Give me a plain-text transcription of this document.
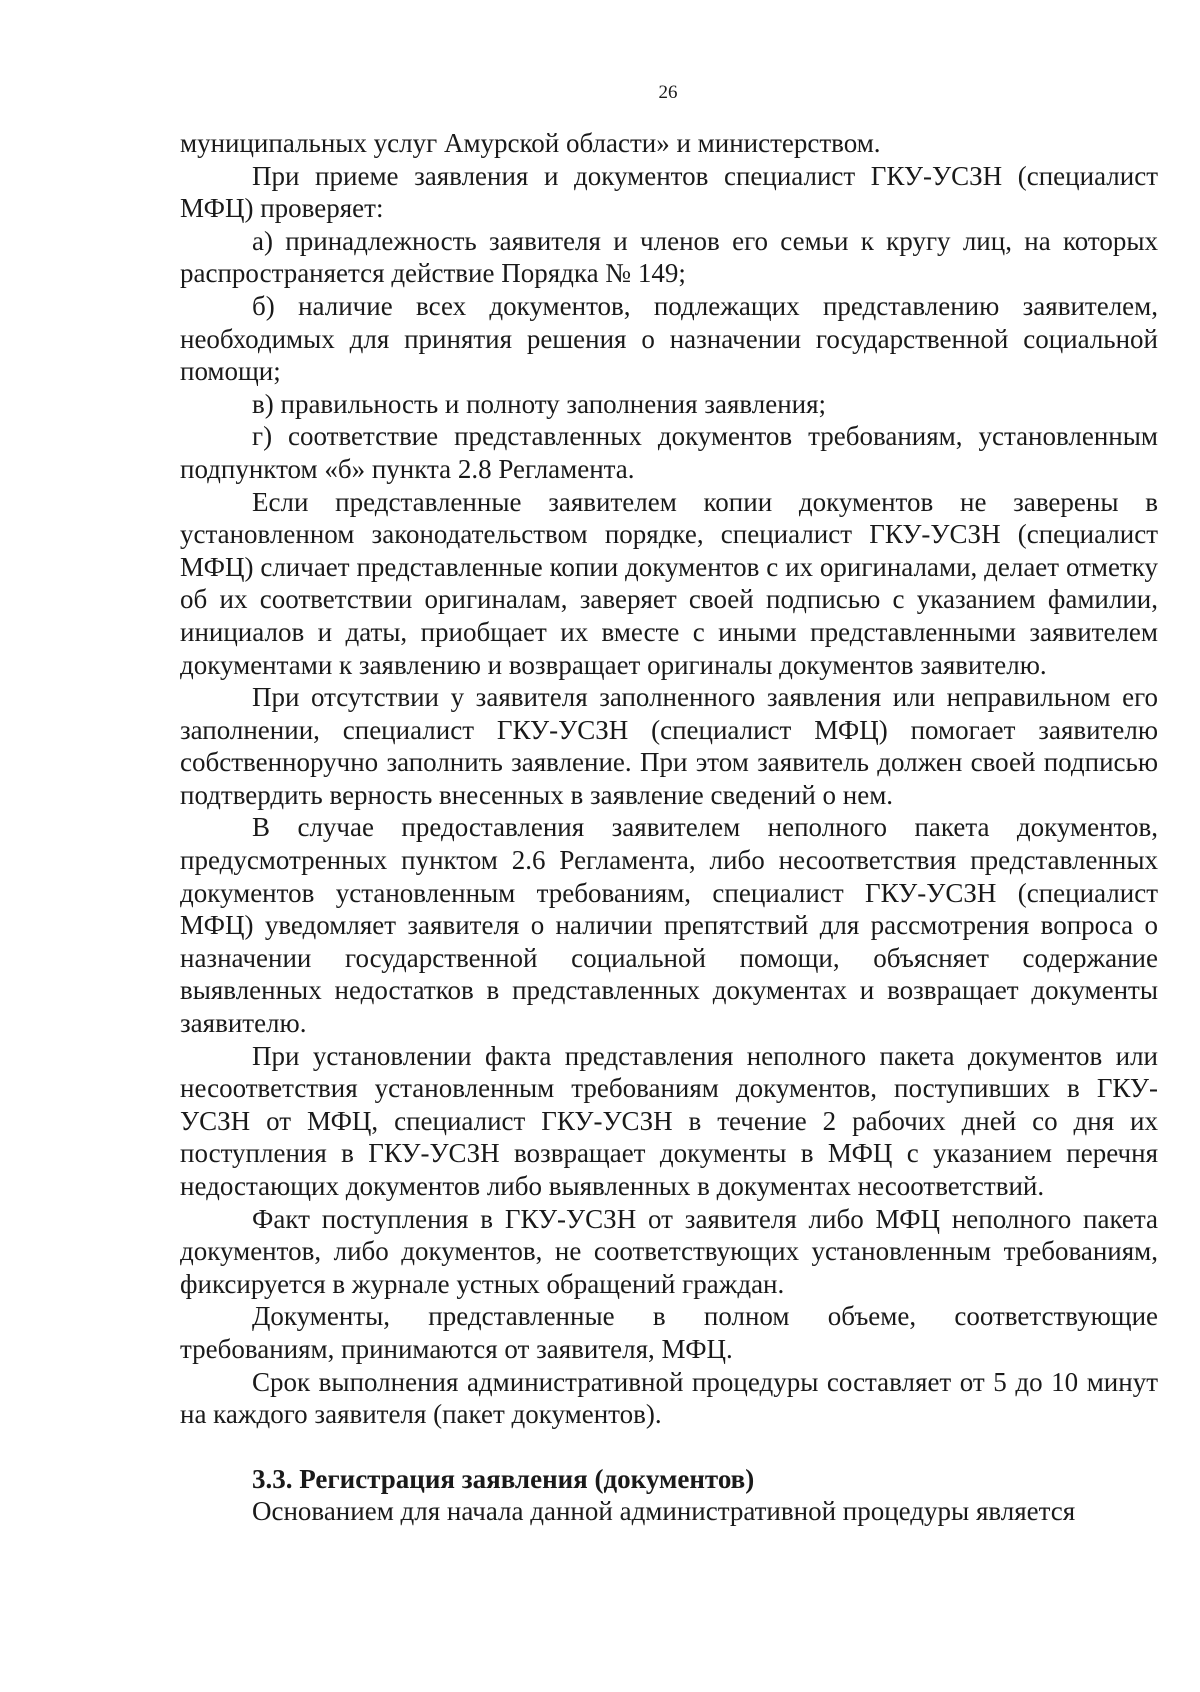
26

муниципальных услуг Амурской области» и министерством.

При приеме заявления и документов специалист ГКУ-УСЗН (специалист МФЦ) проверяет:

а) принадлежность заявителя и членов его семьи к кругу лиц, на которых распространяется действие Порядка № 149;

б) наличие всех документов, подлежащих представлению заявителем, необходимых для принятия решения о назначении государственной социальной помощи;

в) правильность и полноту заполнения заявления;

г) соответствие представленных документов требованиям, установленным подпунктом «б» пункта 2.8 Регламента.

Если представленные заявителем копии документов не заверены в установленном законодательством порядке, специалист ГКУ-УСЗН (специалист МФЦ) сличает представленные копии документов с их оригиналами, делает отметку об их соответствии оригиналам, заверяет своей подписью с указанием фамилии, инициалов и даты, приобщает их вместе с иными представленными заявителем документами к заявлению и возвращает оригиналы документов заявителю.

При отсутствии у заявителя заполненного заявления или неправильном его заполнении, специалист ГКУ-УСЗН (специалист МФЦ) помогает заявителю собственноручно заполнить заявление. При этом заявитель должен своей подписью подтвердить верность внесенных в заявление сведений о нем.

В случае предоставления заявителем неполного пакета документов, предусмотренных пунктом 2.6 Регламента, либо несоответствия представленных документов установленным требованиям, специалист ГКУ-УСЗН (специалист МФЦ) уведомляет заявителя о наличии препятствий для рассмотрения вопроса о назначении государственной социальной помощи, объясняет содержание выявленных недостатков в представленных документах и возвращает документы заявителю.

При установлении факта представления неполного пакета документов или несоответствия установленным требованиям документов, поступивших в ГКУ-УСЗН от МФЦ, специалист ГКУ-УСЗН в течение 2 рабочих дней со дня их поступления в ГКУ-УСЗН возвращает документы в МФЦ с указанием перечня недостающих документов либо выявленных в документах несоответствий.

Факт поступления в ГКУ-УСЗН от заявителя либо МФЦ неполного пакета документов, либо документов, не соответствующих установленным требованиям, фиксируется в журнале устных обращений граждан.

Документы, представленные в полном объеме, соответствующие требованиям, принимаются от заявителя, МФЦ.

Срок выполнения административной процедуры составляет от 5 до 10 минут на каждого заявителя (пакет документов).

3.3. Регистрация заявления (документов)

Основанием для начала данной административной процедуры является
